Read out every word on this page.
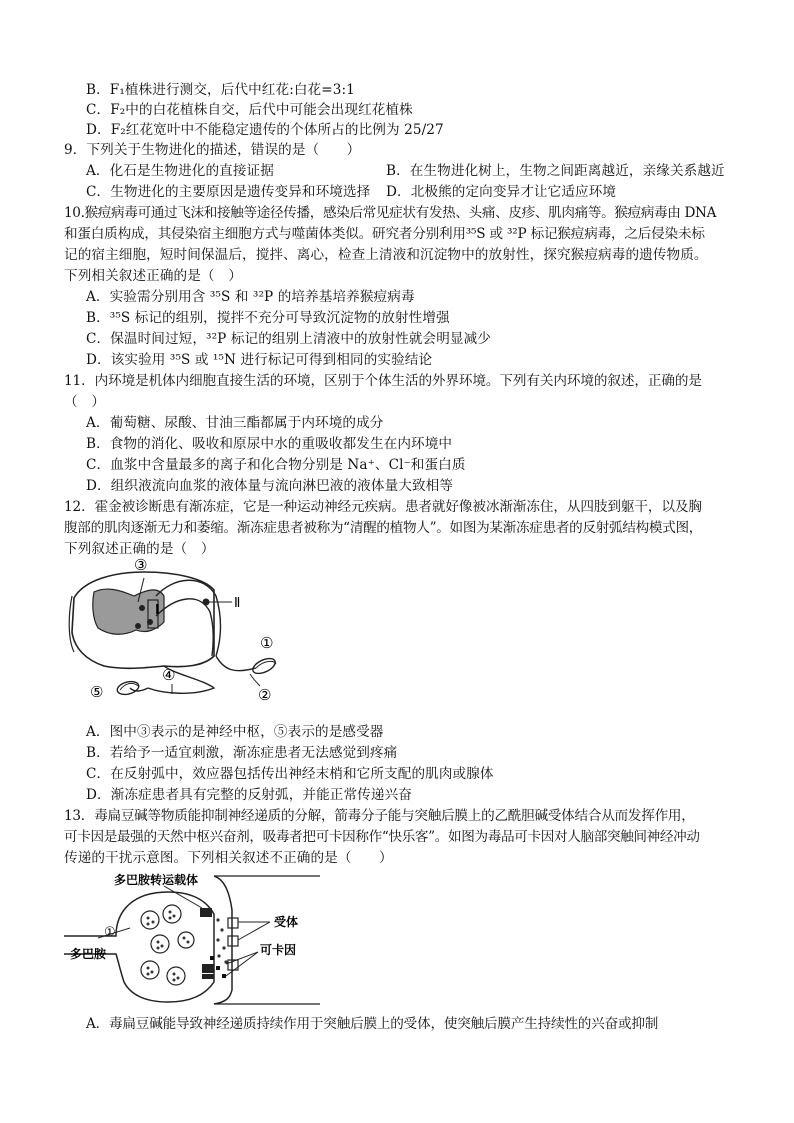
B．F₁植株进行测交，后代中红花:白花=3:1
C．F₂中的白花植株自交，后代中可能会出现红花植株
D．F₂红花宽叶中不能稳定遗传的个体所占的比例为 25/27
9．下列关于生物进化的描述，错误的是（　　）
A．化石是生物进化的直接证据	B．在生物进化树上，生物之间距离越近，亲缘关系越近
C．生物进化的主要原因是遗传变异和环境选择 D．北极熊的定向变异才让它适应环境
10.猴痘病毒可通过飞沫和接触等途径传播，感染后常见症状有发热、头痛、皮疹、肌肉痛等。猴痘病毒由 DNA
和蛋白质构成，其侵染宿主细胞方式与噬菌体类似。研究者分别利用³⁵S 或 ³²P 标记猴痘病毒，之后侵染未标
记的宿主细胞，短时间保温后，搅拌、离心，检查上清液和沉淀物中的放射性，探究猴痘病毒的遗传物质。
下列相关叙述正确的是（　）
A．实验需分别用含 ³⁵S 和 ³²P 的培养基培养猴痘病毒
B．³⁵S 标记的组别，搅拌不充分可导致沉淀物的放射性增强
C．保温时间过短，³²P 标记的组别上清液中的放射性就会明显减少
D．该实验用 ³⁵S 或 ¹⁵N 进行标记可得到相同的实验结论
11．内环境是机体内细胞直接生活的环境，区别于个体生活的外界环境。下列有关内环境的叙述，正确的是
（　）
A．葡萄糖、尿酸、甘油三酯都属于内环境的成分
B．食物的消化、吸收和原尿中水的重吸收都发生在内环境中
C．血浆中含量最多的离子和化合物分别是 Na⁺、Cl⁻和蛋白质
D．组织液流向血浆的液体量与流向淋巴液的液体量大致相等
12．霍金被诊断患有渐冻症，它是一种运动神经元疾病。患者就好像被冰渐渐冻住，从四肢到躯干，以及胸
腹部的肌肉逐渐无力和萎缩。渐冻症患者被称为“清醒的植物人”。如图为某渐冻症患者的反射弧结构模式图，
下列叙述正确的是（　）
③
Ⅰ	Ⅱ
①
②
④
⑤
A．图中③表示的是神经中枢，⑤表示的是感受器
B．若给予一适宜刺激，渐冻症患者无法感觉到疼痛
C．在反射弧中，效应器包括传出神经末梢和它所支配的肌肉或腺体
D．渐冻症患者具有完整的反射弧，并能正常传递兴奋
13．毒扁豆碱等物质能抑制神经递质的分解，箭毒分子能与突触后膜上的乙酰胆碱受体结合从而发挥作用，
可卡因是最强的天然中枢兴奋剂，吸毒者把可卡因称作“快乐客”。如图为毒品可卡因对人脑部突触间神经冲动
传递的干扰示意图。下列相关叙述不正确的是（　　）
多巴胺转运载体
受体
①
多巴胺	可卡因
A．毒扁豆碱能导致神经递质持续作用于突触后膜上的受体，使突触后膜产生持续性的兴奋或抑制
